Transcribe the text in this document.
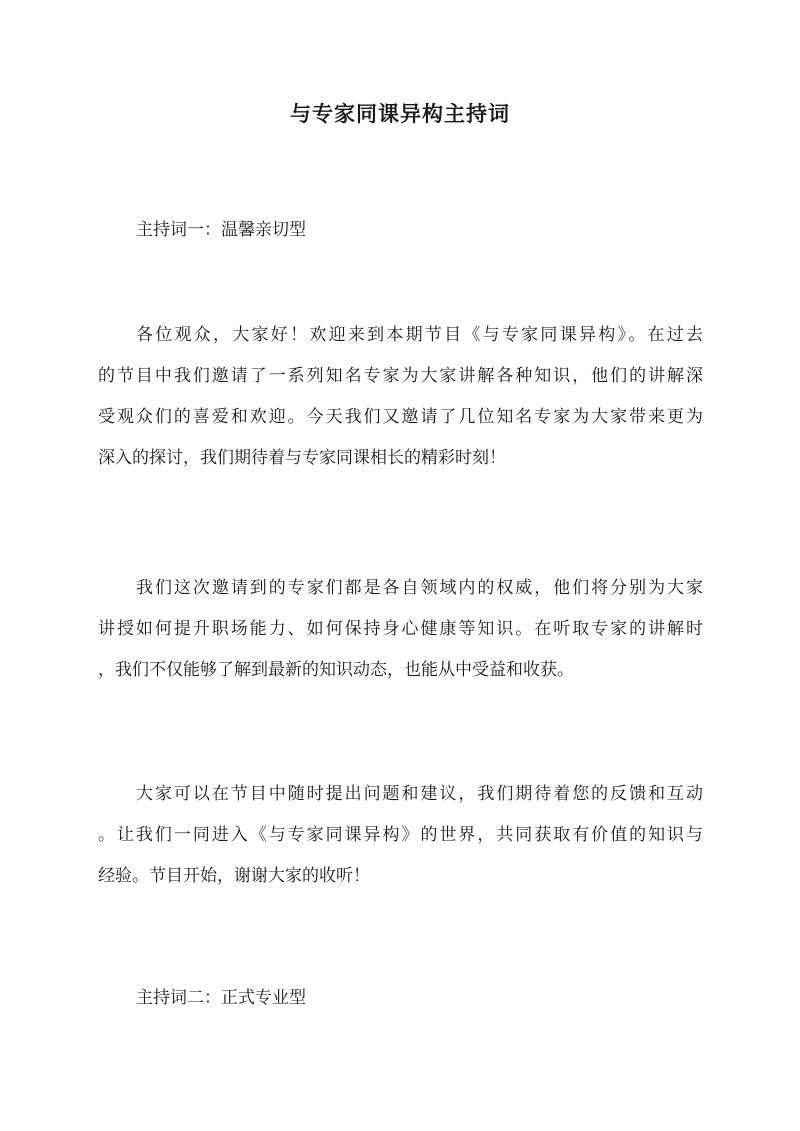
与专家同课异构主持词
主持词一：温馨亲切型
各位观众，大家好！欢迎来到本期节目《与专家同课异构》。在过去
的节目中我们邀请了一系列知名专家为大家讲解各种知识，他们的讲解深
受观众们的喜爱和欢迎。今天我们又邀请了几位知名专家为大家带来更为
深入的探讨，我们期待着与专家同课相长的精彩时刻！
我们这次邀请到的专家们都是各自领域内的权威，他们将分别为大家
讲授如何提升职场能力、如何保持身心健康等知识。在听取专家的讲解时
，我们不仅能够了解到最新的知识动态，也能从中受益和收获。
大家可以在节目中随时提出问题和建议，我们期待着您的反馈和互动
。让我们一同进入《与专家同课异构》的世界，共同获取有价值的知识与
经验。节目开始，谢谢大家的收听！
主持词二：正式专业型
